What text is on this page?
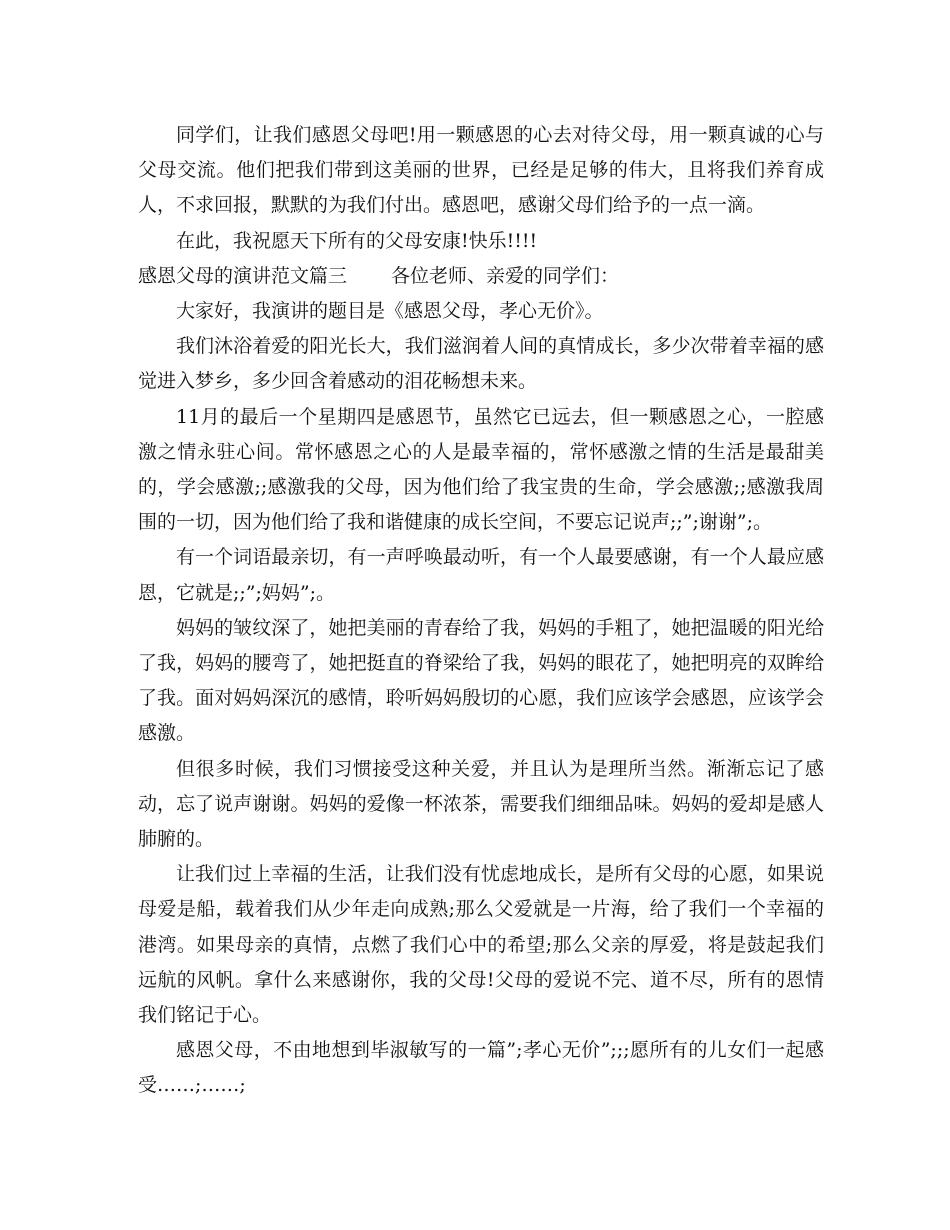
同学们，让我们感恩父母吧!用一颗感恩的心去对待父母，用一颗真诚的心与父母交流。他们把我们带到这美丽的世界，已经是足够的伟大，且将我们养育成人，不求回报，默默的为我们付出。感恩吧，感谢父母们给予的一点一滴。

在此，我祝愿天下所有的父母安康!快乐!!!!

感恩父母的演讲范文篇三 各位老师、亲爱的同学们：

大家好，我演讲的题目是《感恩父母，孝心无价》。

我们沐浴着爱的阳光长大，我们滋润着人间的真情成长，多少次带着幸福的感觉进入梦乡，多少回含着感动的泪花畅想未来。

11月的最后一个星期四是感恩节，虽然它已远去，但一颗感恩之心，一腔感激之情永驻心间。常怀感恩之心的人是最幸福的，常怀感激之情的生活是最甜美的，学会感激;;感激我的父母，因为他们给了我宝贵的生命，学会感激;;感激我周围的一切，因为他们给了我和谐健康的成长空间，不要忘记说声;;”;谢谢”;。

有一个词语最亲切，有一声呼唤最动听，有一个人最要感谢，有一个人最应感恩，它就是;;”;妈妈”;。

妈妈的皱纹深了，她把美丽的青春给了我，妈妈的手粗了，她把温暖的阳光给了我，妈妈的腰弯了，她把挺直的脊梁给了我，妈妈的眼花了，她把明亮的双眸给了我。面对妈妈深沉的感情，聆听妈妈殷切的心愿，我们应该学会感恩，应该学会感激。

但很多时候，我们习惯接受这种关爱，并且认为是理所当然。渐渐忘记了感动，忘了说声谢谢。妈妈的爱像一杯浓茶，需要我们细细品味。妈妈的爱却是感人肺腑的。

让我们过上幸福的生活，让我们没有忧虑地成长，是所有父母的心愿，如果说母爱是船，载着我们从少年走向成熟;那么父爱就是一片海，给了我们一个幸福的港湾。如果母亲的真情，点燃了我们心中的希望;那么父亲的厚爱，将是鼓起我们远航的风帆。拿什么来感谢你，我的父母!父母的爱说不完、道不尽，所有的恩情我们铭记于心。

感恩父母，不由地想到毕淑敏写的一篇”;孝心无价”;;;愿所有的儿女们一起感受……;……;
